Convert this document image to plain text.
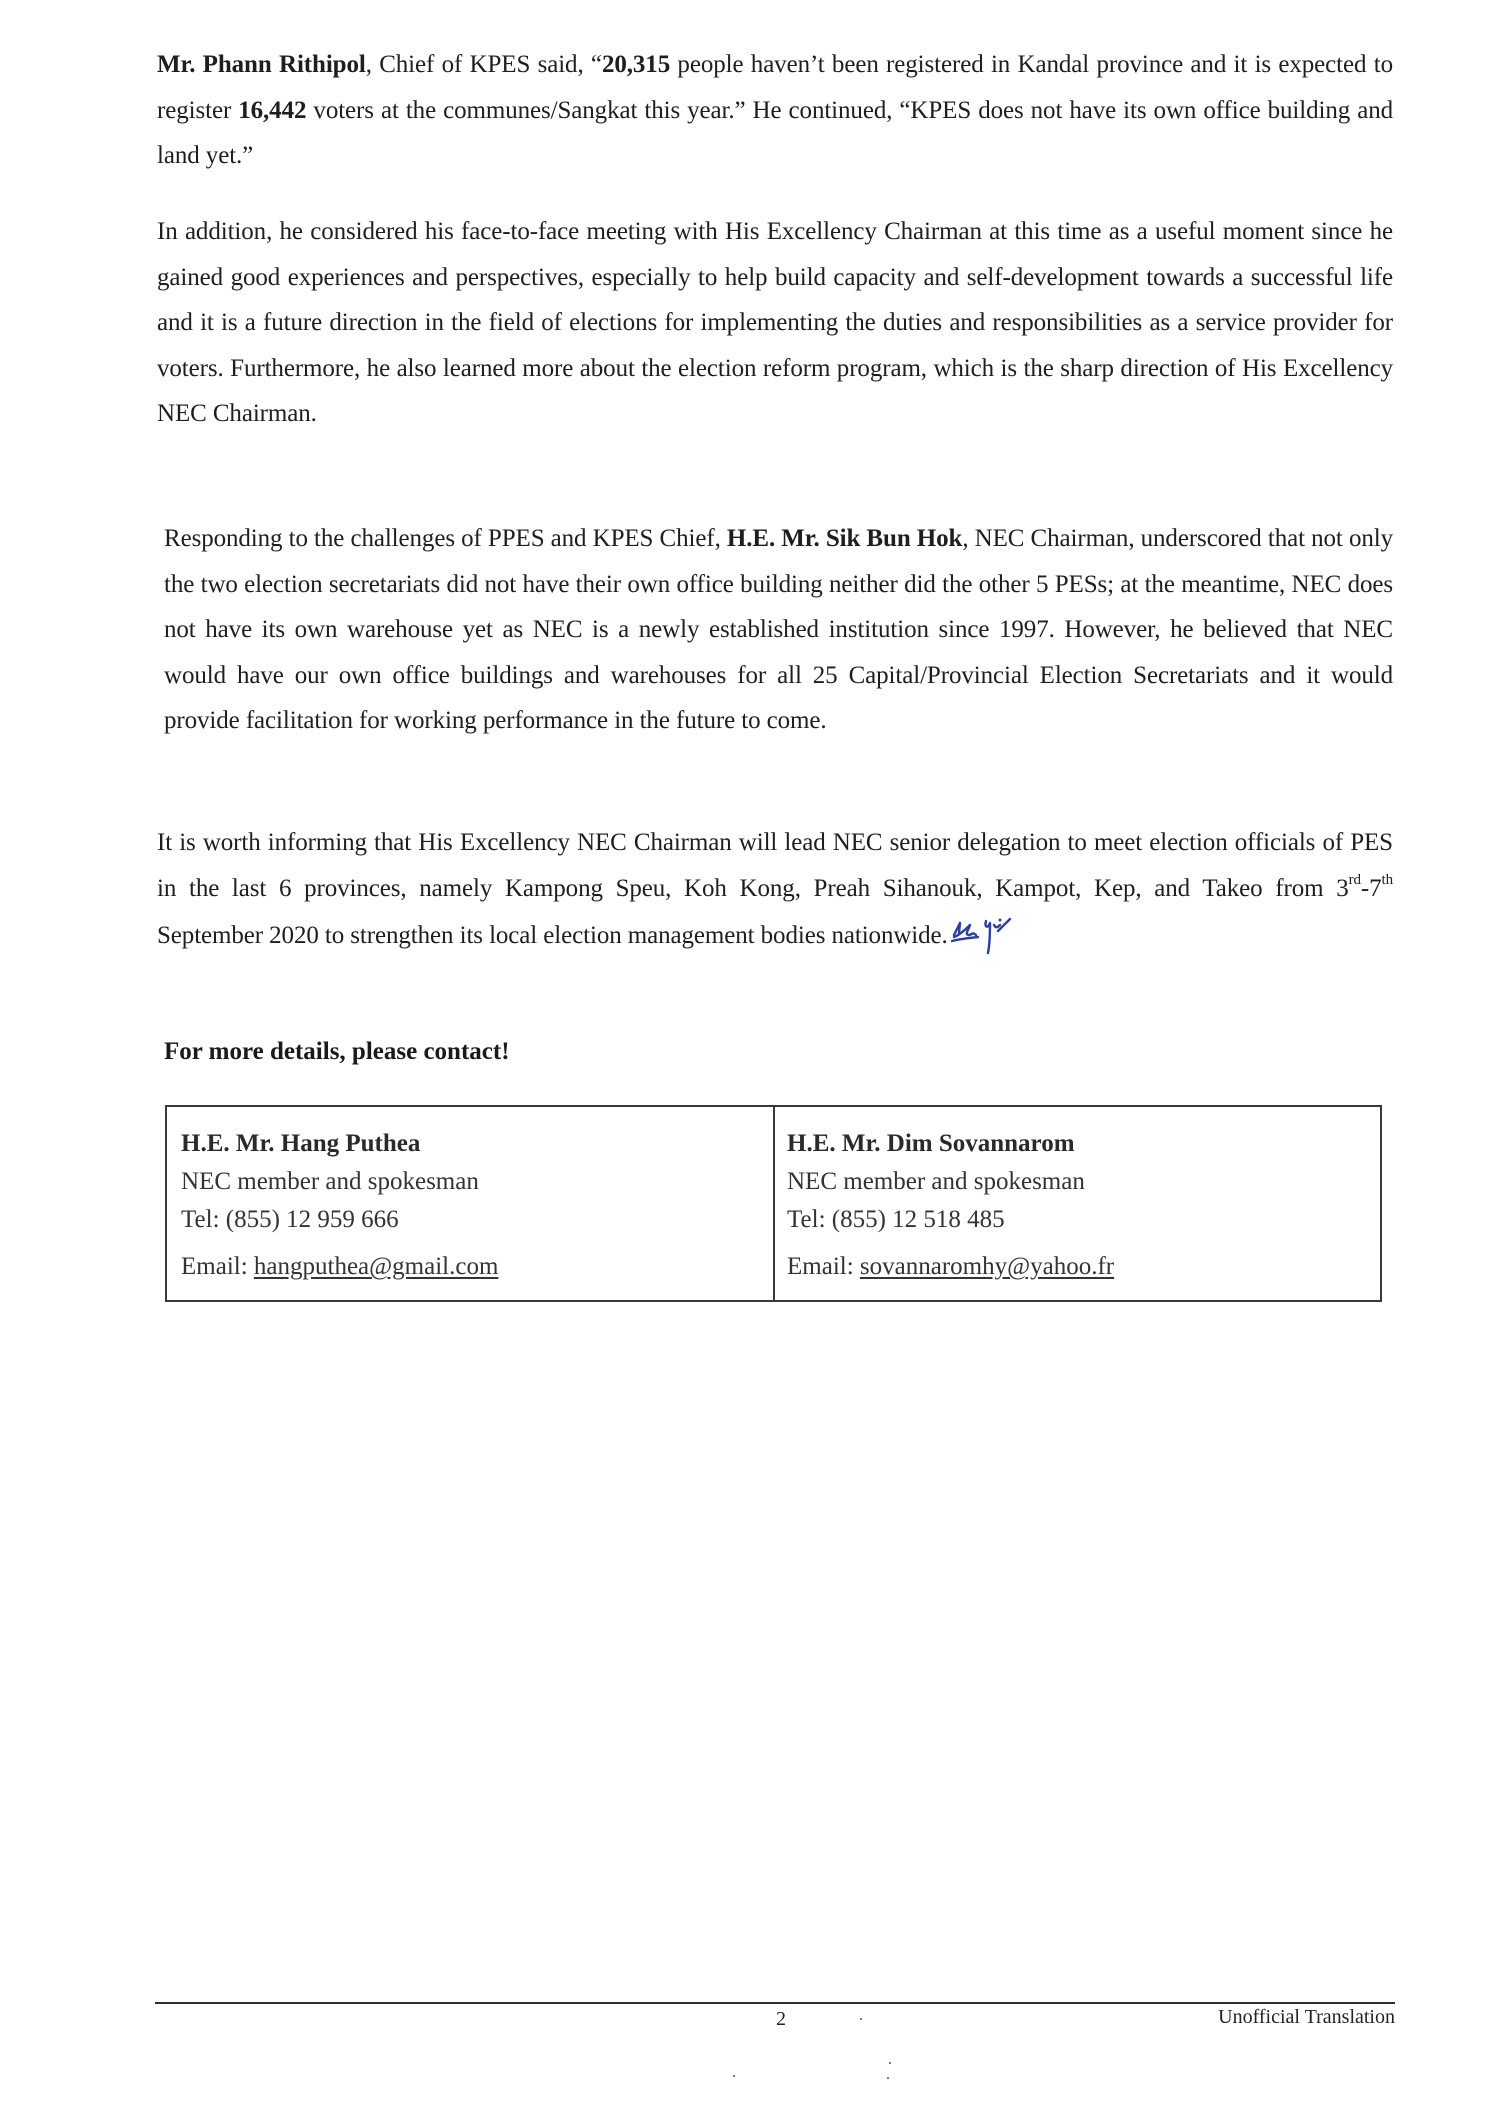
Mr. Phann Rithipol, Chief of KPES said, “20,315 people haven’t been registered in Kandal province and it is expected to register 16,442 voters at the communes/Sangkat this year.” He continued, “KPES does not have its own office building and land yet.”

In addition, he considered his face-to-face meeting with His Excellency Chairman at this time as a useful moment since he gained good experiences and perspectives, especially to help build capacity and self-development towards a successful life and it is a future direction in the field of elections for implementing the duties and responsibilities as a service provider for voters. Furthermore, he also learned more about the election reform program, which is the sharp direction of His Excellency NEC Chairman.

Responding to the challenges of PPES and KPES Chief, H.E. Mr. Sik Bun Hok, NEC Chairman, underscored that not only the two election secretariats did not have their own office building neither did the other 5 PESs; at the meantime, NEC does not have its own warehouse yet as NEC is a newly established institution since 1997. However, he believed that NEC would have our own office buildings and warehouses for all 25 Capital/Provincial Election Secretariats and it would provide facilitation for working performance in the future to come.

It is worth informing that His Excellency NEC Chairman will lead NEC senior delegation to meet election officials of PES in the last 6 provinces, namely Kampong Speu, Koh Kong, Preah Sihanouk, Kampot, Kep, and Takeo from 3rd-7th September 2020 to strengthen its local election management bodies nationwide.

For more details, please contact!
H.E. Mr. Hang Puthea
NEC member and spokesman
Tel: (855) 12 959 666
Email: hangputhea@gmail.com
H.E. Mr. Dim Sovannarom
NEC member and spokesman
Tel: (855) 12 518 485
Email: sovannaromhy@yahoo.fr
2	Unofficial Translation
